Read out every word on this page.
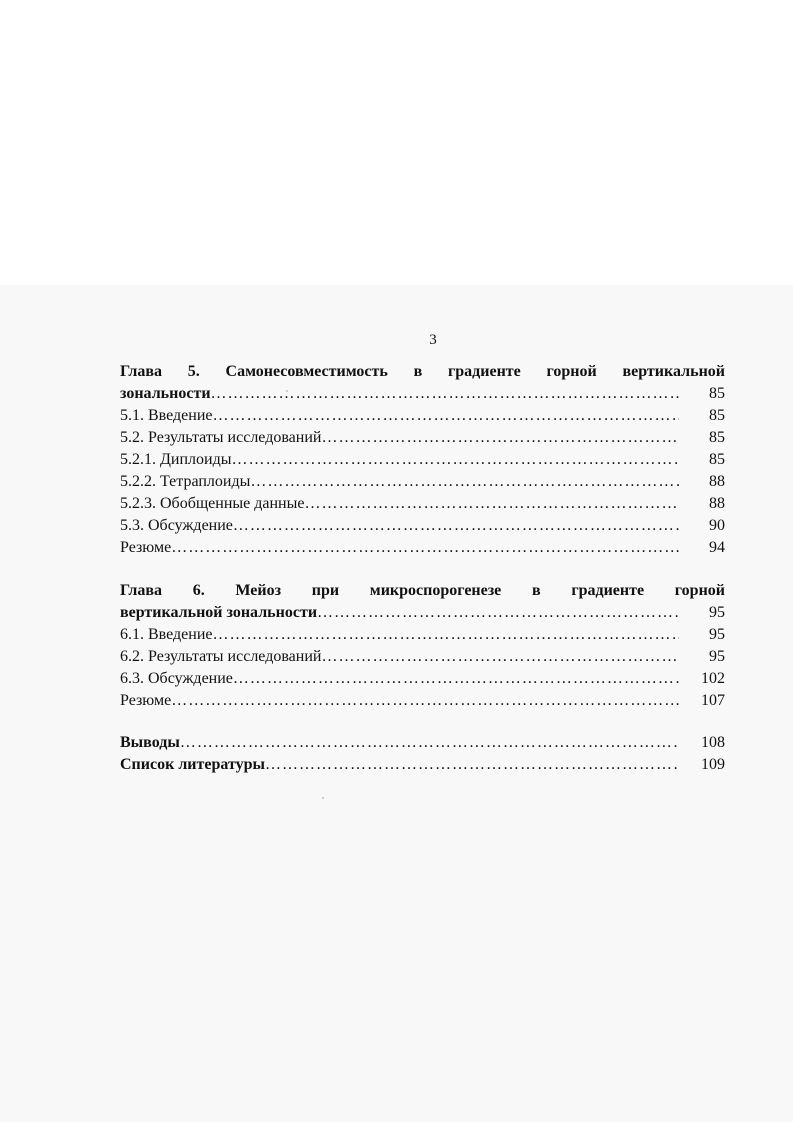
3
Глава 5. Самонесовместимость в градиенте горной вертикальной
зональности ……………………………………………………………………………………………………………………………………………………………………	85
5.1. Введение ……………………………………………………………………………………………………………………………………………………………………	85
5.2. Результаты исследований ……………………………………………………………………………………………………………………………………………………………………	85
5.2.1. Диплоиды ……………………………………………………………………………………………………………………………………………………………………	85
5.2.2. Тетраплоиды ……………………………………………………………………………………………………………………………………………………………………	88
5.2.3. Обобщенные данные ……………………………………………………………………………………………………………………………………………………………………	88
5.3. Обсуждение ……………………………………………………………………………………………………………………………………………………………………	90
Резюме ……………………………………………………………………………………………………………………………………………………………………	94
Глава 6. Мейоз при микроспорогенезе в градиенте горной
вертикальной зональности ……………………………………………………………………………………………………………………………………………………………………	95
6.1. Введение ……………………………………………………………………………………………………………………………………………………………………	95
6.2. Результаты исследований ……………………………………………………………………………………………………………………………………………………………………	95
6.3. Обсуждение ……………………………………………………………………………………………………………………………………………………………………	102
Резюме ……………………………………………………………………………………………………………………………………………………………………	107
Выводы ……………………………………………………………………………………………………………………………………………………………………	108
Список литературы ……………………………………………………………………………………………………………………………………………………………………	109
